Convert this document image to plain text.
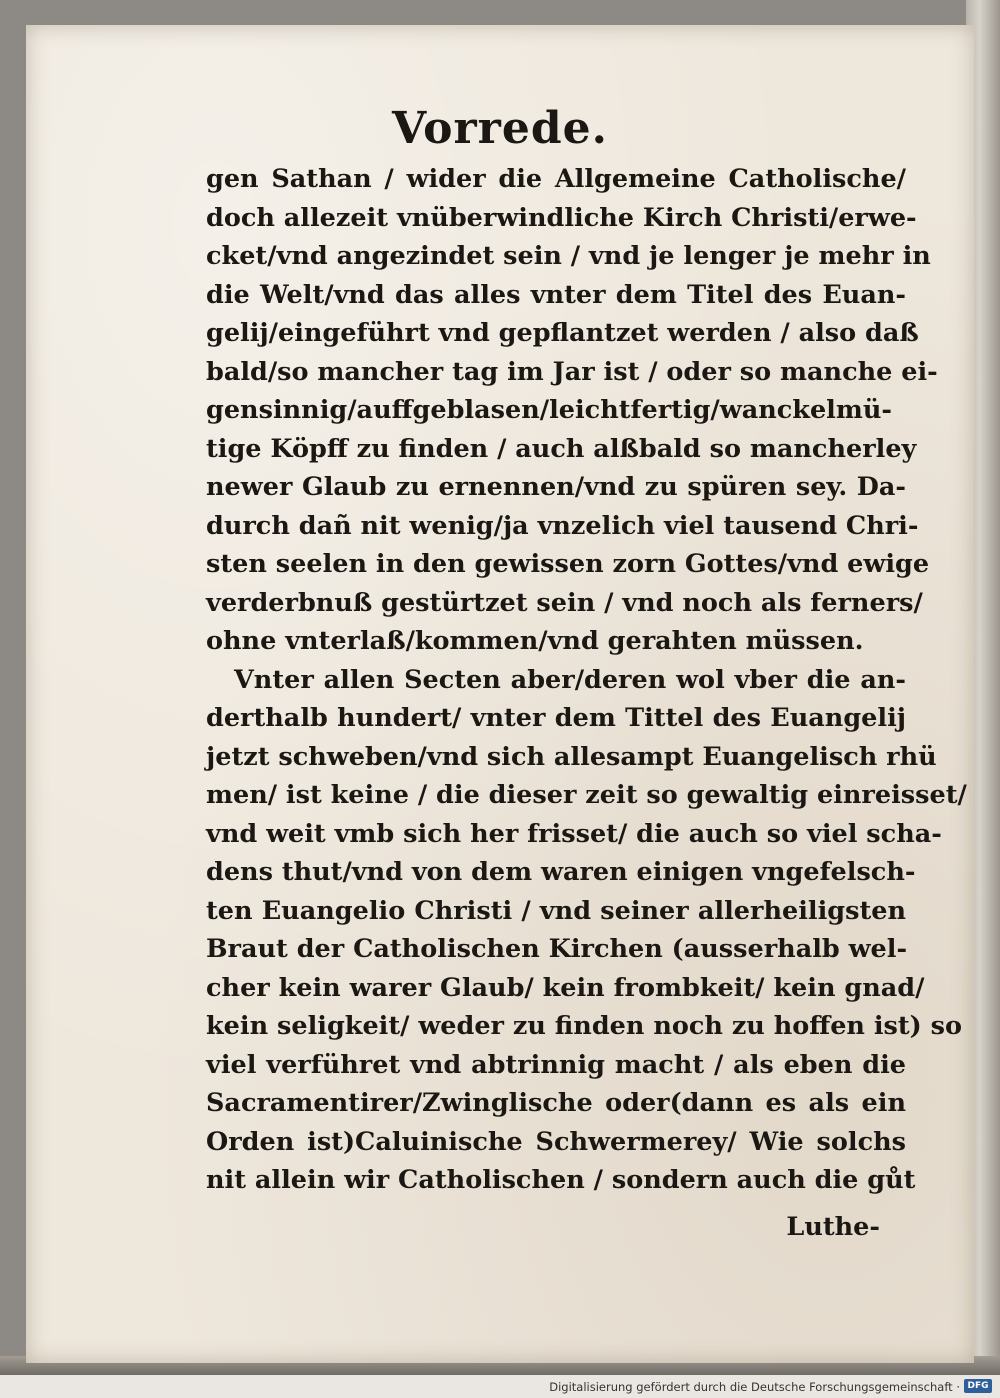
Vorrede.
gen Sathan / wider die Allgemeine Catholische/
doch allezeit vnüberwindliche Kirch Christi/erwe-
cket/vnd angezindet sein / vnd je lenger je mehr in
die Welt/vnd das alles vnter dem Titel des Euan-
gelij/eingeführt vnd gepflantzet werden / also daß
bald/so mancher tag im Jar ist / oder so manche ei-
gensinnig/auffgeblasen/leichtfertig/wanckelmü-
tige Köpff zu finden / auch alßbald so mancherley
newer Glaub zu ernennen/vnd zu spüren sey. Da-
durch dañ nit wenig/ja vnzelich viel tausend Chri-
sten seelen in den gewissen zorn Gottes/vnd ewige
verderbnuß gestürtzet sein / vnd noch als ferners/
ohne vnterlaß/kommen/vnd gerahten müssen.
Vnter allen Secten aber/deren wol vber die an-
derthalb hundert/ vnter dem Tittel des Euangelij
jetzt schweben/vnd sich allesampt Euangelisch rhü
men/ ist keine / die dieser zeit so gewaltig einreisset/
vnd weit vmb sich her frisset/ die auch so viel scha-
dens thut/vnd von dem waren einigen vngefelsch-
ten Euangelio Christi / vnd seiner allerheiligsten
Braut der Catholischen Kirchen (ausserhalb wel-
cher kein warer Glaub/ kein frombkeit/ kein gnad/
kein seligkeit/ weder zu finden noch zu hoffen ist) so
viel verführet vnd abtrinnig macht / als eben die
Sacramentirer/Zwinglische oder(dann es als ein
Orden ist)Caluinische Schwermerey/ Wie solchs
nit allein wir Catholischen / sondern auch die gůt
Luthe-
Digitalisierung gefördert durch die Deutsche Forschungsgemeinschaft · DFG
